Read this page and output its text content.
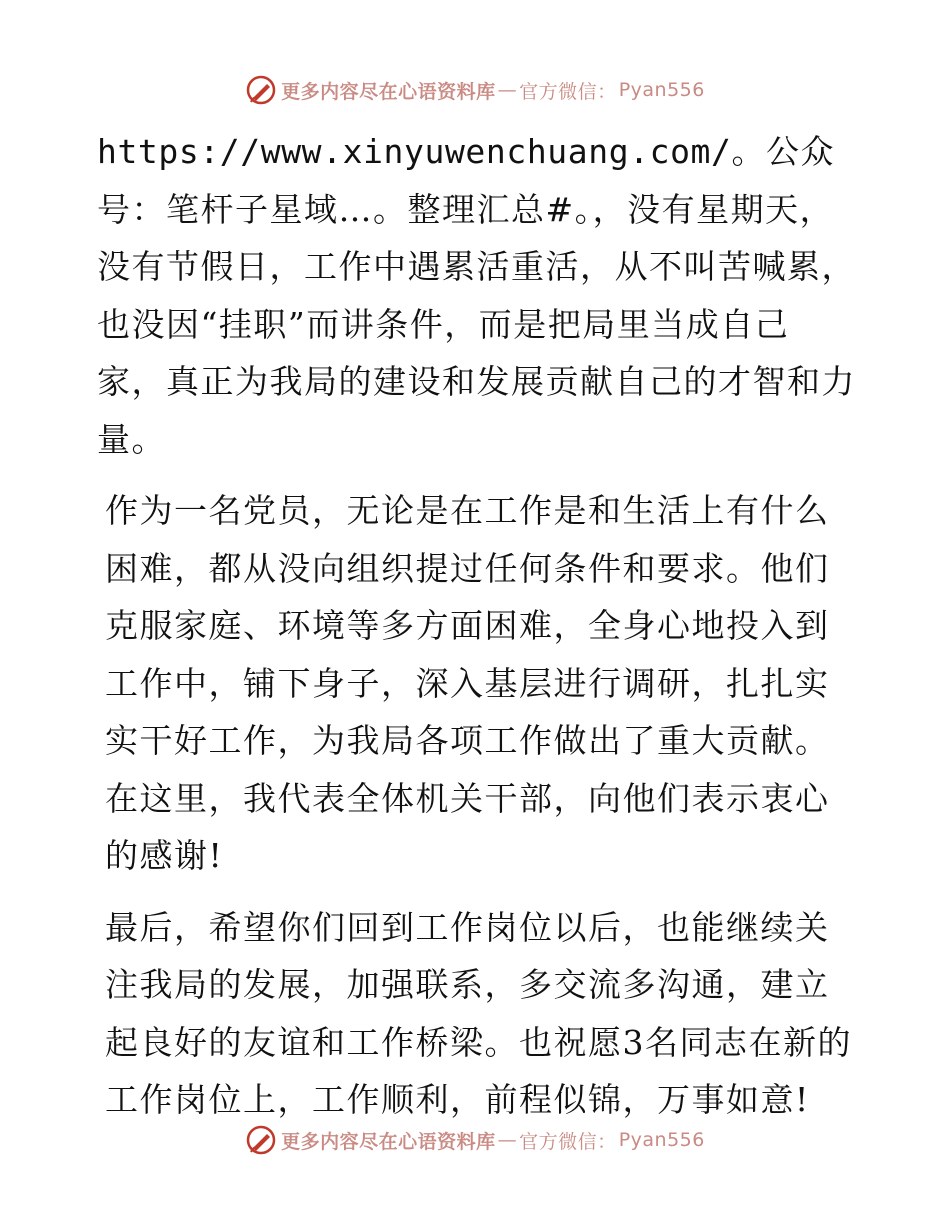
更多内容尽在心语资料库 — 官方微信： Pyan556

https://www.xinyuwenchuang.com/。公众号：笔杆子星域…。整理汇总#。，没有星期天，没有节假日，工作中遇累活重活，从不叫苦喊累，也没因“挂职”而讲条件，而是把局里当成自己家，真正为我局的建设和发展贡献自己的才智和力量。

作为一名党员，无论是在工作是和生活上有什么困难，都从没向组织提过任何条件和要求。他们克服家庭、环境等多方面困难，全身心地投入到工作中，铺下身子，深入基层进行调研，扎扎实实干好工作，为我局各项工作做出了重大贡献。在这里，我代表全体机关干部，向他们表示衷心的感谢!

最后，希望你们回到工作岗位以后，也能继续关注我局的发展，加强联系，多交流多沟通，建立起良好的友谊和工作桥梁。也祝愿3名同志在新的工作岗位上，工作顺利，前程似锦，万事如意!

更多内容尽在心语资料库 — 官方微信： Pyan556
